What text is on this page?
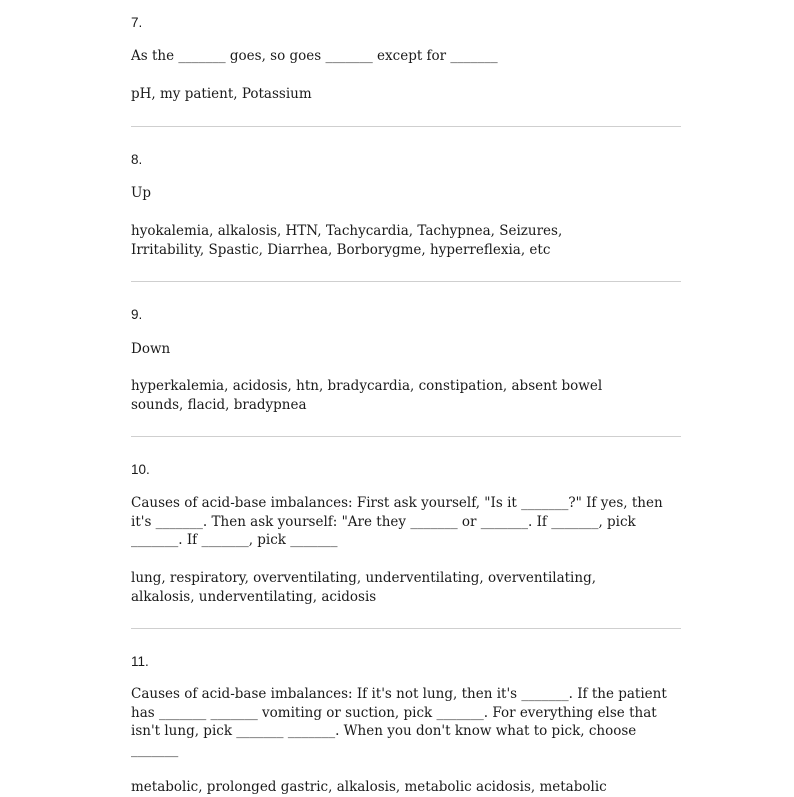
7.

As the _______ goes, so goes _______ except for _______

pH, my patient, Potassium

8.

Up

hyokalemia, alkalosis, HTN, Tachycardia, Tachypnea, Seizures, Irritability, Spastic, Diarrhea, Borborygme, hyperreflexia, etc

9.

Down

hyperkalemia, acidosis, htn, bradycardia, constipation, absent bowel sounds, flacid, bradypnea

10.

Causes of acid-base imbalances: First ask yourself, "Is it _______?" If yes, then it's _______. Then ask yourself: "Are they _______ or _______. If _______, pick _______. If _______, pick _______

lung, respiratory, overventilating, underventilating, overventilating, alkalosis, underventilating, acidosis

11.

Causes of acid-base imbalances: If it's not lung, then it's _______. If the patient has _______ _______ vomiting or suction, pick _______. For everything else that isn't lung, pick _______ _______. When you don't know what to pick, choose _______

metabolic, prolonged gastric, alkalosis, metabolic acidosis, metabolic
